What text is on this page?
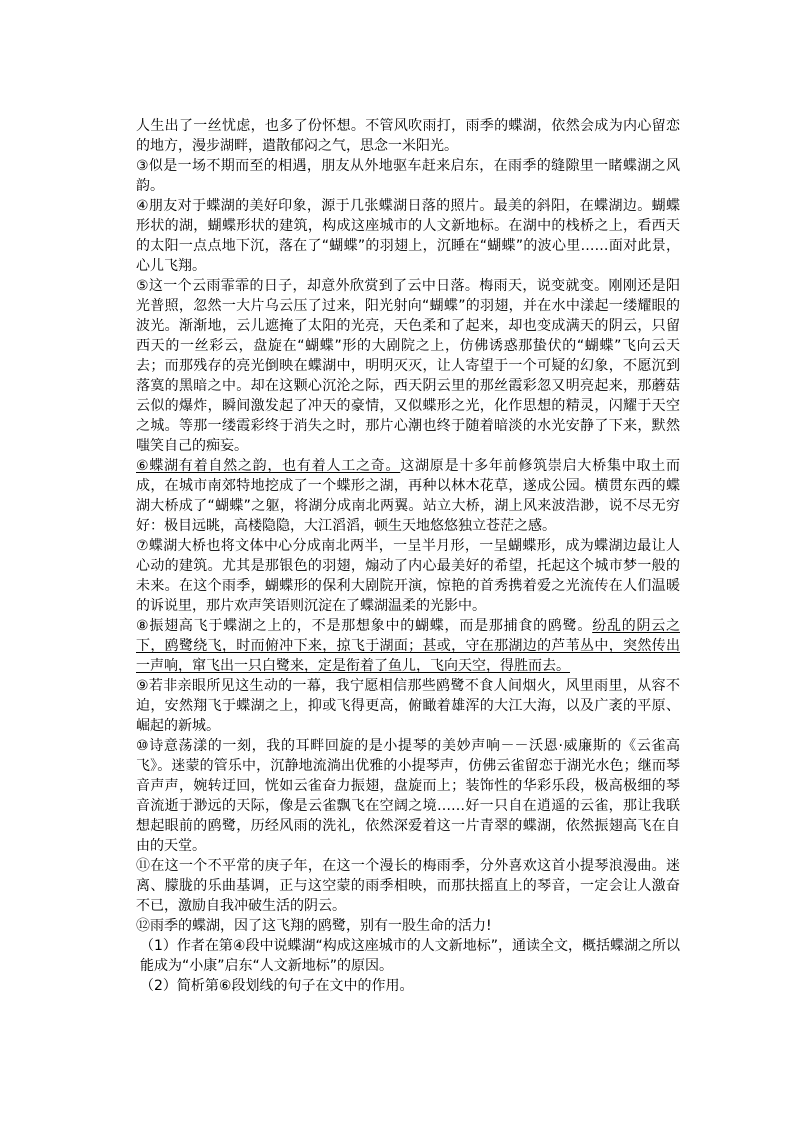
人生出了一丝忧虑，也多了份怀想。不管风吹雨打，雨季的蝶湖，依然会成为内心留恋的地方，漫步湖畔，遣散郁闷之气，思念一米阳光。

③似是一场不期而至的相遇，朋友从外地驱车赶来启东，在雨季的缝隙里一睹蝶湖之风韵。

④朋友对于蝶湖的美好印象，源于几张蝶湖日落的照片。最美的斜阳，在蝶湖边。蝴蝶形状的湖，蝴蝶形状的建筑，构成这座城市的人文新地标。在湖中的栈桥之上，看西天的太阳一点点地下沉，落在了“蝴蝶”的羽翅上，沉睡在“蝴蝶”的波心里……面对此景，心儿飞翔。

⑤这一个云雨霏霏的日子，却意外欣赏到了云中日落。梅雨天，说变就变。刚刚还是阳光普照，忽然一大片乌云压了过来，阳光射向“蝴蝶”的羽翅，并在水中漾起一缕耀眼的波光。渐渐地，云儿遮掩了太阳的光亮，天色柔和了起来，却也变成满天的阴云，只留西天的一丝彩云，盘旋在“蝴蝶”形的大剧院之上，仿佛诱惑那蛰伏的“蝴蝶”飞向云天去；而那残存的亮光倒映在蝶湖中，明明灭灭，让人寄望于一个可疑的幻象，不愿沉到落寞的黑暗之中。却在这颗心沉沦之际，西天阴云里的那丝霞彩忽又明亮起来，那蘑菇云似的爆炸，瞬间激发起了冲天的豪情，又似蝶形之光，化作思想的精灵，闪耀于天空之城。等那一缕霞彩终于消失之时，那片心潮也终于随着暗淡的水光安静了下来，默然嗤笑自己的痴妄。

⑥蝶湖有着自然之韵，也有着人工之奇。这湖原是十多年前修筑崇启大桥集中取土而成，在城市南郊特地挖成了一个蝶形之湖，再种以林木花草，遂成公园。横贯东西的蝶湖大桥成了“蝴蝶”之躯，将湖分成南北两翼。站立大桥，湖上风来波浩渺，说不尽无穷好：极目远眺，高楼隐隐，大江滔滔，顿生天地悠悠独立苍茫之感。

⑦蝶湖大桥也将文体中心分成南北两半，一呈半月形，一呈蝴蝶形，成为蝶湖边最让人心动的建筑。尤其是那银色的羽翅，煽动了内心最美好的希望，托起这个城市梦一般的未来。在这个雨季，蝴蝶形的保利大剧院开演，惊艳的首秀携着爱之光流传在人们温暖的诉说里，那片欢声笑语则沉淀在了蝶湖温柔的光影中。

⑧振翅高飞于蝶湖之上的，不是那想象中的蝴蝶，而是那捕食的鸥鹭。纷乱的阴云之下，鸥鹭绕飞，时而俯冲下来，掠飞于湖面；甚或，守在那湖边的芦苇丛中，突然传出一声响，窜飞出一只白鹭来，定是衔着了鱼儿，飞向天空，得胜而去。

⑨若非亲眼所见这生动的一幕，我宁愿相信那些鸥鹭不食人间烟火，风里雨里，从容不迫，安然翔飞于蝶湖之上，抑或飞得更高，俯瞰着雄浑的大江大海，以及广袤的平原、崛起的新城。

⑩诗意荡漾的一刻，我的耳畔回旋的是小提琴的美妙声响－－沃恩·威廉斯的《云雀高飞》。迷蒙的管乐中，沉静地流淌出优雅的小提琴声，仿佛云雀留恋于湖光水色；继而琴音声声，婉转迂回，恍如云雀奋力振翅，盘旋而上；装饰性的华彩乐段，极高极细的琴音流逝于渺远的天际，像是云雀飘飞在空阔之境……好一只自在逍遥的云雀，那让我联想起眼前的鸥鹭，历经风雨的洗礼，依然深爱着这一片青翠的蝶湖，依然振翅高飞在自由的天堂。

⑪在这一个不平常的庚子年，在这一个漫长的梅雨季，分外喜欢这首小提琴浪漫曲。迷离、朦胧的乐曲基调，正与这空蒙的雨季相映，而那扶摇直上的琴音，一定会让人激奋不已，激励自我冲破生活的阴云。

⑫雨季的蝶湖，因了这飞翔的鸥鹭，别有一股生命的活力!

（1）作者在第④段中说蝶湖“构成这座城市的人文新地标”，通读全文，概括蝶湖之所以能成为“小康”启东“人文新地标”的原因。

（2）简析第⑥段划线的句子在文中的作用。
